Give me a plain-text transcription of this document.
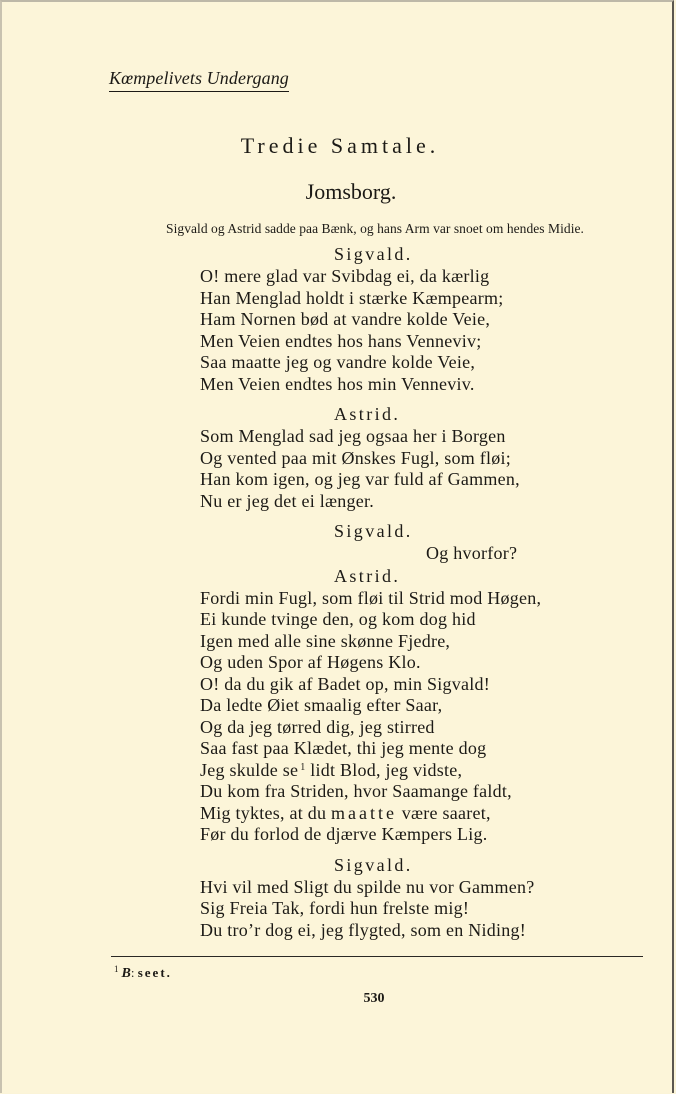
Kœmpelivets Undergang
Tredie Samtale.
Jomsborg.
Sigvald og Astrid sadde paa Bænk, og hans Arm var snoet om hendes Midie.
Sigvald.
O! mere glad var Svibdag ei, da kærlig
Han Menglad holdt i stærke Kæmpearm;
Ham Nornen bød at vandre kolde Veie,
Men Veien endtes hos hans Venneviv;
Saa maatte jeg og vandre kolde Veie,
Men Veien endtes hos min Venneviv.
Astrid.
Som Menglad sad jeg ogsaa her i Borgen
Og vented paa mit Ønskes Fugl, som fløi;
Han kom igen, og jeg var fuld af Gammen,
Nu er jeg det ei længer.
Sigvald.
Og hvorfor?
Astrid.
Fordi min Fugl, som fløi til Strid mod Høgen,
Ei kunde tvinge den, og kom dog hid
Igen med alle sine skønne Fjedre,
Og uden Spor af Høgens Klo.
O! da du gik af Badet op, min Sigvald!
Da ledte Øiet smaalig efter Saar,
Og da jeg tørred dig, jeg stirred
Saa fast paa Klædet, thi jeg mente dog
Jeg skulde se $^1$ lidt Blod, jeg vidste,
Du kom fra Striden, hvor Saamange faldt,
Mig tyktes, at du maatte være saaret,
Før du forlod de djærve Kæmpers Lig.
Sigvald.
Hvi vil med Sligt du spilde nu vor Gammen?
Sig Freia Tak, fordi hun frelste mig!
Du tro’r dog ei, jeg flygted, som en Niding!
$^1$ B: seet.
530
